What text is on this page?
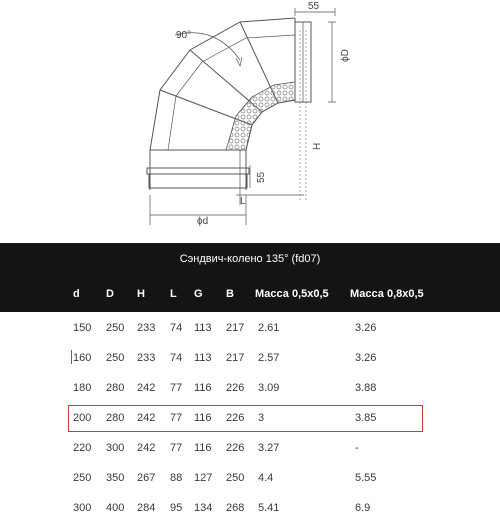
90°
55
ϕD
H
55
L
ϕd
Сэндвич-колено 135° (fd07)
d D H L G B Масса 0,5x0,5 Масса 0,8x0,5
150 250 233 74 113 217 2.61	3.26
160 250 233 74 113 217 2.57	3.26
180 280 242 77 116 226 3.09	3.88
200 280 242 77 116 226 3	3.85
220 300 242 77 116 226 3.27	-
250 350 267 88 127 250 4.4	5.55
300 400 284 95 134 268 5.41	6.9
